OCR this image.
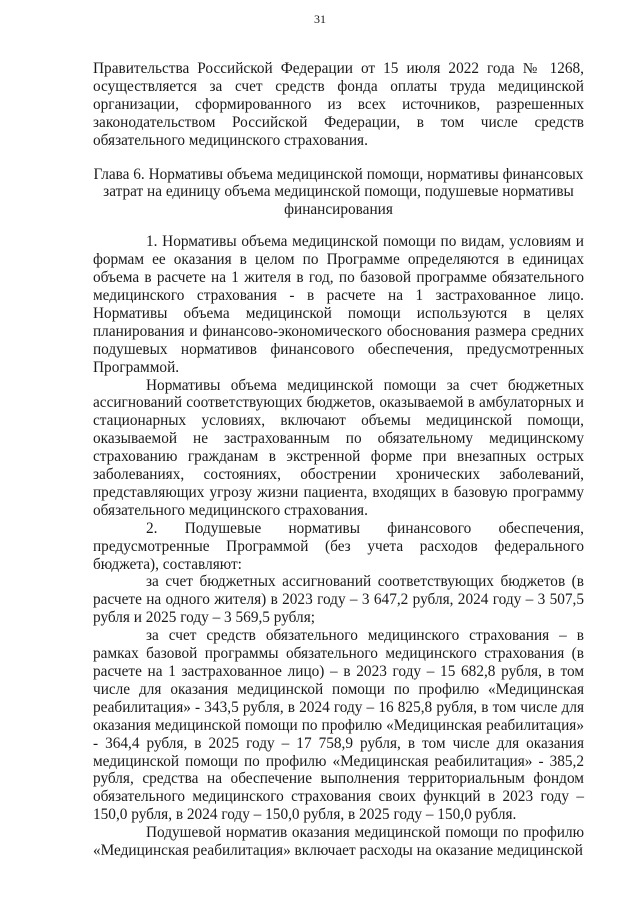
31

Правительства Российской Федерации от 15 июля 2022 года № 1268, осуществляется за счет средств фонда оплаты труда медицинской организации, сформированного из всех источников, разрешенных законодательством Российской Федерации, в том числе средств обязательного медицинского страхования.

Глава 6. Нормативы объема медицинской помощи, нормативы финансовых затрат на единицу объема медицинской помощи, подушевые нормативы финансирования

1. Нормативы объема медицинской помощи по видам, условиям и формам ее оказания в целом по Программе определяются в единицах объема в расчете на 1 жителя в год, по базовой программе обязательного медицинского страхования - в расчете на 1 застрахованное лицо. Нормативы объема медицинской помощи используются в целях планирования и финансово-экономического обоснования размера средних подушевых нормативов финансового обеспечения, предусмотренных Программой.

Нормативы объема медицинской помощи за счет бюджетных ассигнований соответствующих бюджетов, оказываемой в амбулаторных и стационарных условиях, включают объемы медицинской помощи, оказываемой не застрахованным по обязательному медицинскому страхованию гражданам в экстренной форме при внезапных острых заболеваниях, состояниях, обострении хронических заболеваний, представляющих угрозу жизни пациента, входящих в базовую программу обязательного медицинского страхования.

2. Подушевые нормативы финансового обеспечения, предусмотренные Программой (без учета расходов федерального бюджета), составляют:

за счет бюджетных ассигнований соответствующих бюджетов (в расчете на одного жителя) в 2023 году – 3 647,2 рубля, 2024 году – 3 507,5 рубля и 2025 году – 3 569,5 рубля;

за счет средств обязательного медицинского страхования – в рамках базовой программы обязательного медицинского страхования (в расчете на 1 застрахованное лицо) – в 2023 году – 15 682,8 рубля, в том числе для оказания медицинской помощи по профилю «Медицинская реабилитация» - 343,5 рубля, в 2024 году – 16 825,8 рубля, в том числе для оказания медицинской помощи по профилю «Медицинская реабилитация» - 364,4 рубля, в 2025 году – 17 758,9 рубля, в том числе для оказания медицинской помощи по профилю «Медицинская реабилитация» - 385,2 рубля, средства на обеспечение выполнения территориальным фондом обязательного медицинского страхования своих функций в 2023 году – 150,0 рубля, в 2024 году – 150,0 рубля, в 2025 году – 150,0 рубля.

Подушевой норматив оказания медицинской помощи по профилю «Медицинская реабилитация» включает расходы на оказание медицинской
